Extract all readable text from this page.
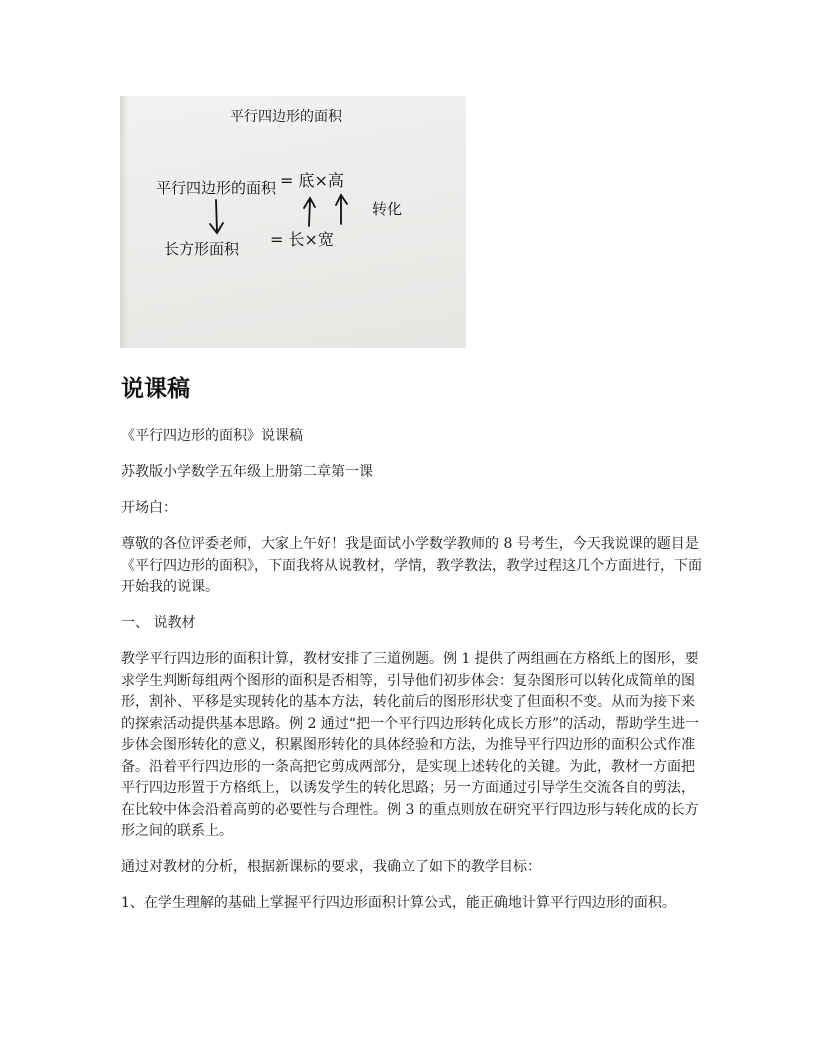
平行四边形的面积
平行四边形的面积 = 底×高
转化
长方形面积 = 长×宽
说课稿

《平行四边形的面积》说课稿

苏教版小学数学五年级上册第二章第一课

开场白：

尊敬的各位评委老师，大家上午好！我是面试小学数学教师的 8 号考生，今天我说课的题目是《平行四边形的面积》，下面我将从说教材，学情，教学教法，教学过程这几个方面进行，下面开始我的说课。

一、 说教材

教学平行四边形的面积计算，教材安排了三道例题。例 1 提供了两组画在方格纸上的图形，要求学生判断每组两个图形的面积是否相等，引导他们初步体会：复杂图形可以转化成简单的图形，割补、平移是实现转化的基本方法，转化前后的图形形状变了但面积不变。从而为接下来的探索活动提供基本思路。例 2 通过“把一个平行四边形转化成长方形”的活动，帮助学生进一步体会图形转化的意义，积累图形转化的具体经验和方法，为推导平行四边形的面积公式作准备。沿着平行四边形的一条高把它剪成两部分，是实现上述转化的关键。为此，教材一方面把平行四边形置于方格纸上，以诱发学生的转化思路；另一方面通过引导学生交流各自的剪法，在比较中体会沿着高剪的必要性与合理性。例 3 的重点则放在研究平行四边形与转化成的长方形之间的联系上。

通过对教材的分析，根据新课标的要求，我确立了如下的教学目标：

1、在学生理解的基础上掌握平行四边形面积计算公式，能正确地计算平行四边形的面积。
